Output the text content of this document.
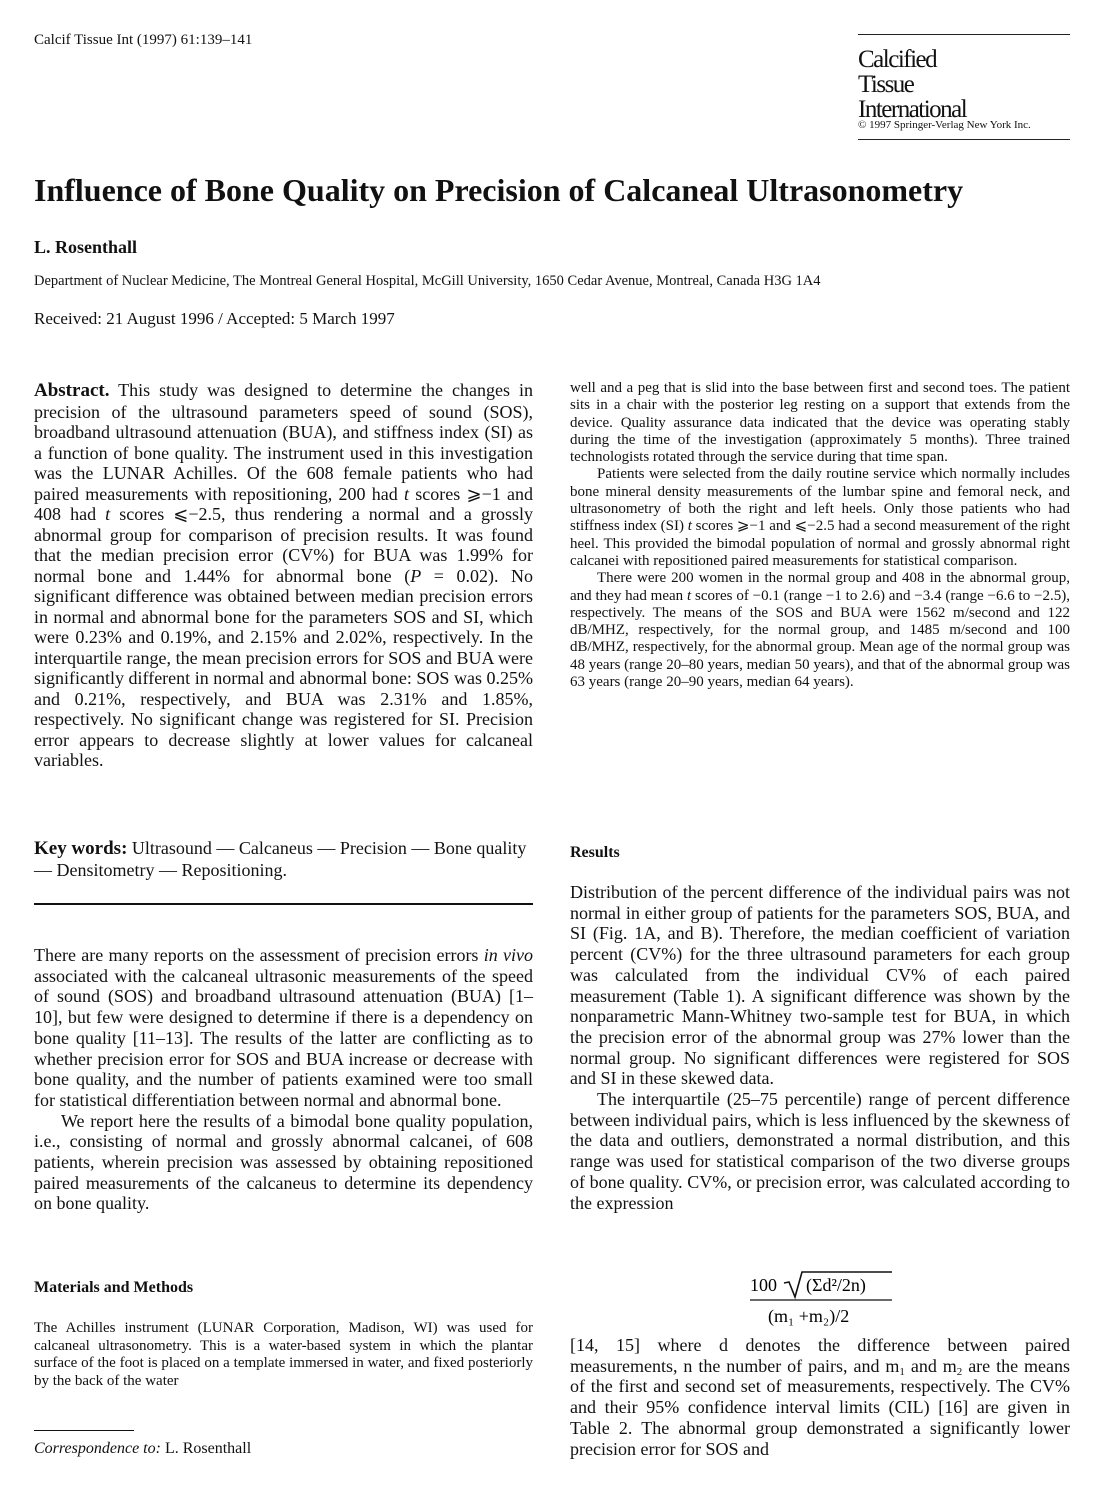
Calcif Tissue Int (1997) 61:139–141
Calcified
Tissue
International
© 1997 Springer-Verlag New York Inc.
Influence of Bone Quality on Precision of Calcaneal Ultrasonometry
L. Rosenthall
Department of Nuclear Medicine, The Montreal General Hospital, McGill University, 1650 Cedar Avenue, Montreal, Canada H3G 1A4
Received: 21 August 1996 / Accepted: 5 March 1997
Abstract. This study was designed to determine the changes in precision of the ultrasound parameters speed of sound (SOS), broadband ultrasound attenuation (BUA), and stiffness index (SI) as a function of bone quality. The instrument used in this investigation was the LUNAR Achilles. Of the 608 female patients who had paired measurements with repositioning, 200 had t scores ⩾−1 and 408 had t scores ⩽−2.5, thus rendering a normal and a grossly abnormal group for comparison of precision results. It was found that the median precision error (CV%) for BUA was 1.99% for normal bone and 1.44% for abnormal bone (P = 0.02). No significant difference was obtained between median precision errors in normal and abnormal bone for the parameters SOS and SI, which were 0.23% and 0.19%, and 2.15% and 2.02%, respectively. In the interquartile range, the mean precision errors for SOS and BUA were significantly different in normal and abnormal bone: SOS was 0.25% and 0.21%, respectively, and BUA was 2.31% and 1.85%, respectively. No significant change was registered for SI. Precision error appears to decrease slightly at lower values for calcaneal variables.
Key words: Ultrasound — Calcaneus — Precision — Bone quality — Densitometry — Repositioning.

There are many reports on the assessment of precision errors in vivo associated with the calcaneal ultrasonic measurements of the speed of sound (SOS) and broadband ultrasound attenuation (BUA) [1–10], but few were designed to determine if there is a dependency on bone quality [11–13]. The results of the latter are conflicting as to whether precision error for SOS and BUA increase or decrease with bone quality, and the number of patients examined were too small for statistical differentiation between normal and abnormal bone.

We report here the results of a bimodal bone quality population, i.e., consisting of normal and grossly abnormal calcanei, of 608 patients, wherein precision was assessed by obtaining repositioned paired measurements of the calcaneus to determine its dependency on bone quality.

Materials and Methods
The Achilles instrument (LUNAR Corporation, Madison, WI) was used for calcaneal ultrasonometry. This is a water-based system in which the plantar surface of the foot is placed on a template immersed in water, and fixed posteriorly by the back of the water
Correspondence to: L. Rosenthall

well and a peg that is slid into the base between first and second toes. The patient sits in a chair with the posterior leg resting on a support that extends from the device. Quality assurance data indicated that the device was operating stably during the time of the investigation (approximately 5 months). Three trained technologists rotated through the service during that time span.

Patients were selected from the daily routine service which normally includes bone mineral density measurements of the lumbar spine and femoral neck, and ultrasonometry of both the right and left heels. Only those patients who had stiffness index (SI) t scores ⩾−1 and ⩽−2.5 had a second measurement of the right heel. This provided the bimodal population of normal and grossly abnormal right calcanei with repositioned paired measurements for statistical comparison.

There were 200 women in the normal group and 408 in the abnormal group, and they had mean t scores of −0.1 (range −1 to 2.6) and −3.4 (range −6.6 to −2.5), respectively. The means of the SOS and BUA were 1562 m/second and 122 dB/MHZ, respectively, for the normal group, and 1485 m/second and 100 dB/MHZ, respectively, for the abnormal group. Mean age of the normal group was 48 years (range 20–80 years, median 50 years), and that of the abnormal group was 63 years (range 20–90 years, median 64 years).

Results

Distribution of the percent difference of the individual pairs was not normal in either group of patients for the parameters SOS, BUA, and SI (Fig. 1A, and B). Therefore, the median coefficient of variation percent (CV%) for the three ultrasound parameters for each group was calculated from the individual CV% of each paired measurement (Table 1). A significant difference was shown by the nonparametric Mann-Whitney two-sample test for BUA, in which the precision error of the abnormal group was 27% lower than the normal group. No significant differences were registered for SOS and SI in these skewed data.

The interquartile (25–75 percentile) range of percent difference between individual pairs, which is less influenced by the skewness of the data and outliers, demonstrated a normal distribution, and this range was used for statistical comparison of the two diverse groups of bone quality. CV%, or precision error, was calculated according to the expression

100 (Σd²/2n)
(m₁ +m₂)/2
[14, 15] where d denotes the difference between paired measurements, n the number of pairs, and $m_1$ and $m_2$ are the means of the first and second set of measurements, respectively. The CV% and their 95% confidence interval limits (CIL) [16] are given in Table 2. The abnormal group demonstrated a significantly lower precision error for SOS and
